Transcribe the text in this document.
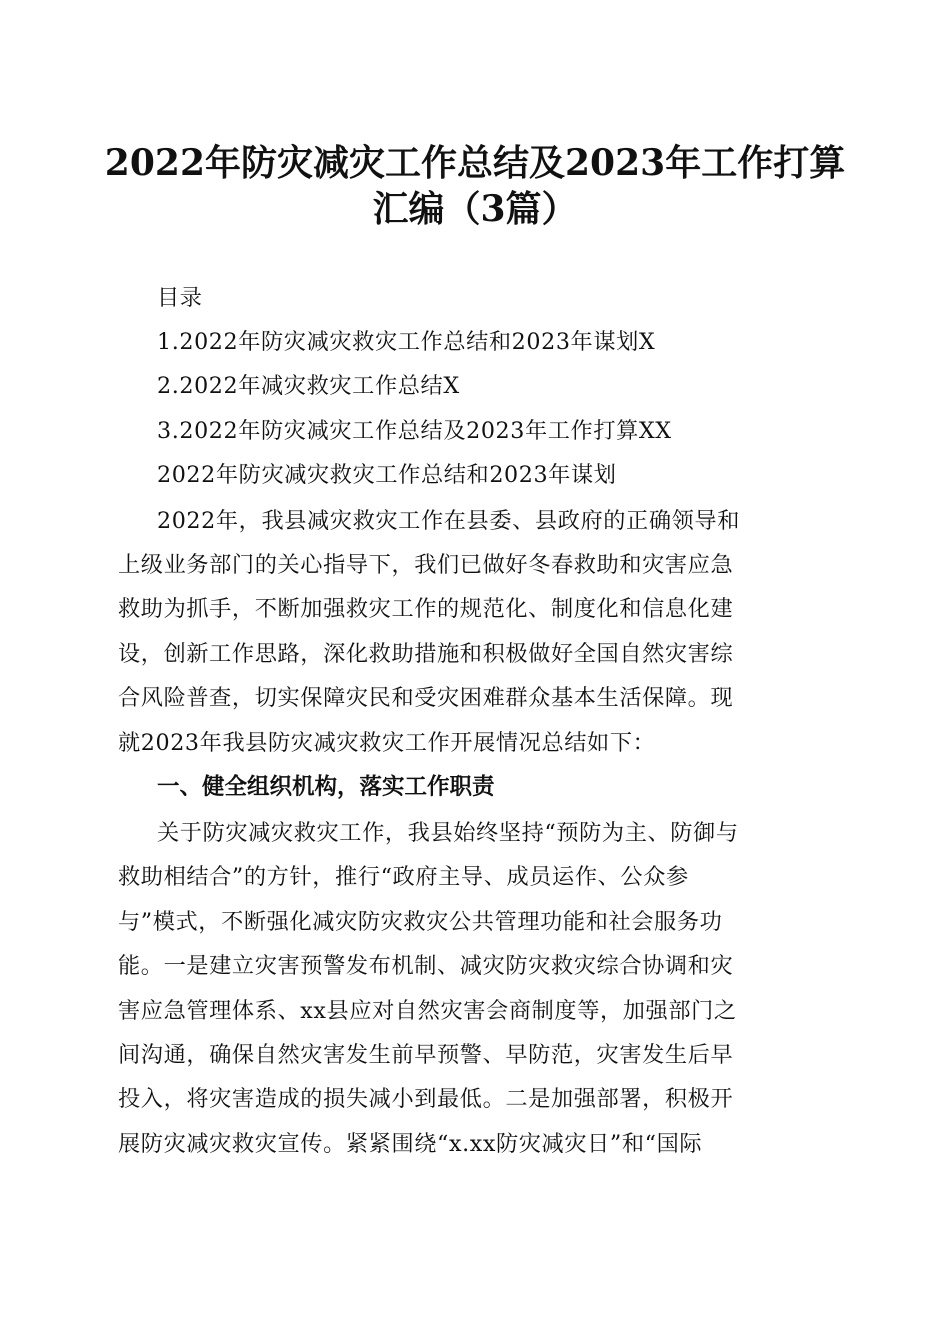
2022年防灾减灾工作总结及2023年工作打算
汇编（3篇）
目录
1.2022年防灾减灾救灾工作总结和2023年谋划X
2.2022年减灾救灾工作总结X
3.2022年防灾减灾工作总结及2023年工作打算XX
2022年防灾减灾救灾工作总结和2023年谋划
2022年，我县减灾救灾工作在县委、县政府的正确领导和
上级业务部门的关心指导下，我们已做好冬春救助和灾害应急
救助为抓手，不断加强救灾工作的规范化、制度化和信息化建
设，创新工作思路，深化救助措施和积极做好全国自然灾害综
合风险普查，切实保障灾民和受灾困难群众基本生活保障。现
就2023年我县防灾减灾救灾工作开展情况总结如下：
一、健全组织机构，落实工作职责
关于防灾减灾救灾工作，我县始终坚持“预防为主、防御与
救助相结合”的方针，推行“政府主导、成员运作、公众参
与”模式，不断强化减灾防灾救灾公共管理功能和社会服务功
能。一是建立灾害预警发布机制、减灾防灾救灾综合协调和灾
害应急管理体系、xx县应对自然灾害会商制度等，加强部门之
间沟通，确保自然灾害发生前早预警、早防范，灾害发生后早
投入，将灾害造成的损失减小到最低。二是加强部署，积极开
展防灾减灾救灾宣传。紧紧围绕“x.xx防灾减灾日”和“国际
